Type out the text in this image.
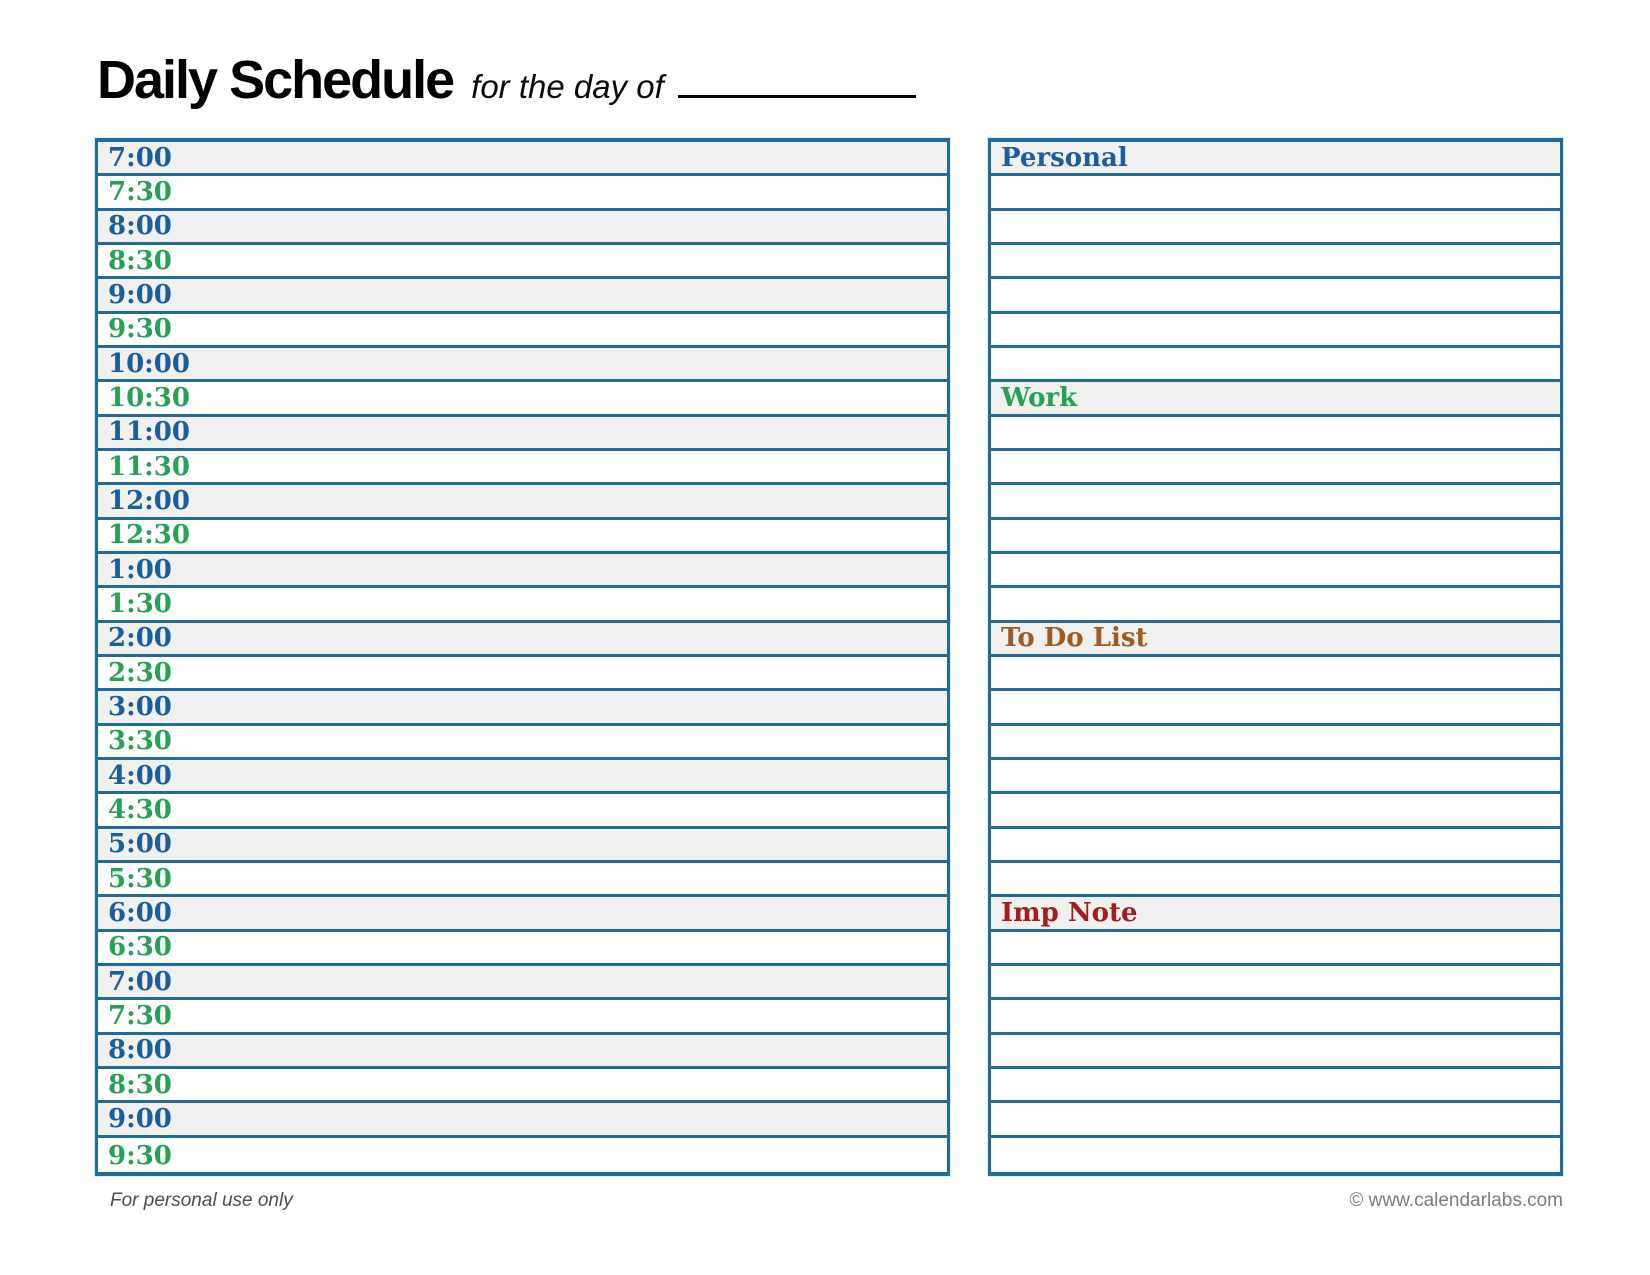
Daily Schedule for the day of
7:00
7:30
8:00
8:30
9:00
9:30
10:00
10:30
11:00
11:30
12:00
12:30
1:00
1:30
2:00
2:30
3:00
3:30
4:00
4:30
5:00
5:30
6:00
6:30
7:00
7:30
8:00
8:30
9:00
9:30
Personal
Work
To Do List
Imp Note
For personal use only	© www.calendarlabs.com
